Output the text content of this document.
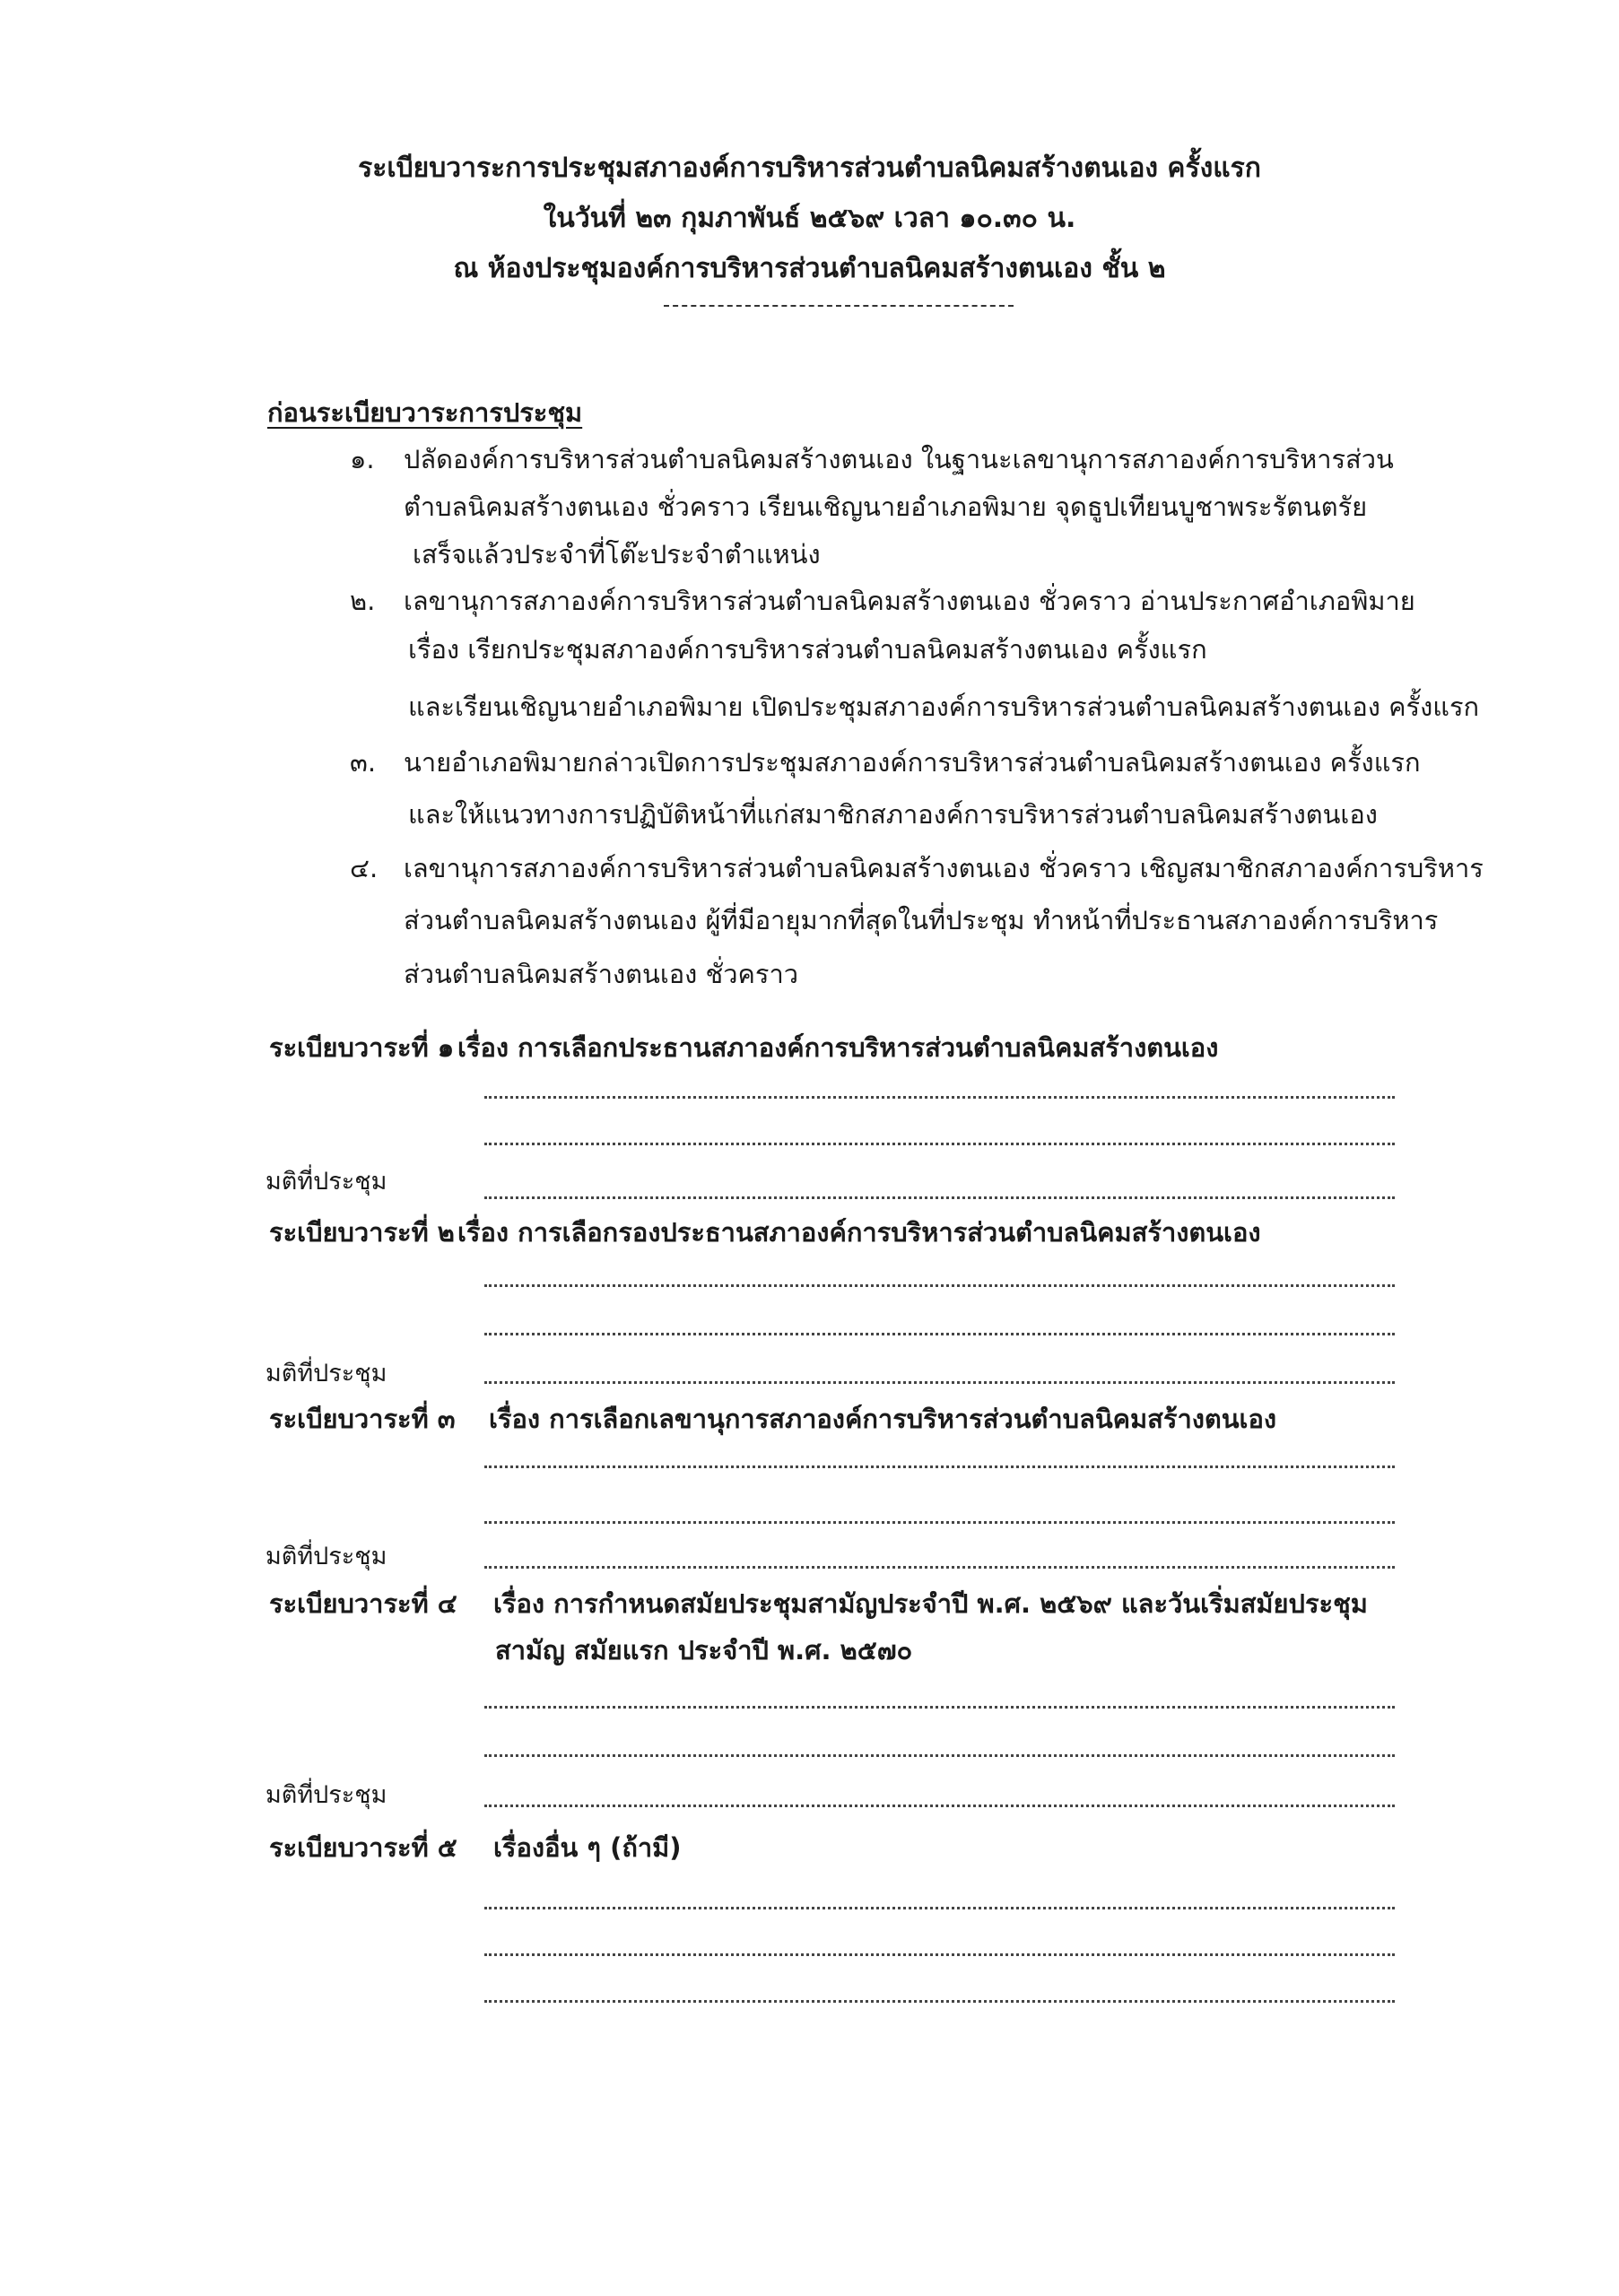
ระเบียบวาระการประชุมสภาองค์การบริหารส่วนตำบลนิคมสร้างตนเอง ครั้งแรก
ในวันที่ ๒๓ กุมภาพันธ์ ๒๕๖๙ เวลา ๑๐.๓๐ น.
ณ ห้องประชุมองค์การบริหารส่วนตำบลนิคมสร้างตนเอง ชั้น ๒
ก่อนระเบียบวาระการประชุม
๑. ปลัดองค์การบริหารส่วนตำบลนิคมสร้างตนเอง ในฐานะเลขานุการสภาองค์การบริหารส่วน
ตำบลนิคมสร้างตนเอง ชั่วคราว เรียนเชิญนายอำเภอพิมาย จุดธูปเทียนบูชาพระรัตนตรัย
เสร็จแล้วประจำที่โต๊ะประจำตำแหน่ง
๒. เลขานุการสภาองค์การบริหารส่วนตำบลนิคมสร้างตนเอง ชั่วคราว อ่านประกาศอำเภอพิมาย
เรื่อง เรียกประชุมสภาองค์การบริหารส่วนตำบลนิคมสร้างตนเอง ครั้งแรก
และเรียนเชิญนายอำเภอพิมาย เปิดประชุมสภาองค์การบริหารส่วนตำบลนิคมสร้างตนเอง ครั้งแรก
๓. นายอำเภอพิมายกล่าวเปิดการประชุมสภาองค์การบริหารส่วนตำบลนิคมสร้างตนเอง ครั้งแรก
และให้แนวทางการปฏิบัติหน้าที่แก่สมาชิกสภาองค์การบริหารส่วนตำบลนิคมสร้างตนเอง
๔. เลขานุการสภาองค์การบริหารส่วนตำบลนิคมสร้างตนเอง ชั่วคราว เชิญสมาชิกสภาองค์การบริหาร
ส่วนตำบลนิคมสร้างตนเอง ผู้ที่มีอายุมากที่สุดในที่ประชุม ทำหน้าที่ประธานสภาองค์การบริหาร
ส่วนตำบลนิคมสร้างตนเอง ชั่วคราว
ระเบียบวาระที่ ๑ เรื่อง การเลือกประธานสภาองค์การบริหารส่วนตำบลนิคมสร้างตนเอง
มติที่ประชุม
ระเบียบวาระที่ ๒ เรื่อง การเลือกรองประธานสภาองค์การบริหารส่วนตำบลนิคมสร้างตนเอง
มติที่ประชุม
ระเบียบวาระที่ ๓ เรื่อง การเลือกเลขานุการสภาองค์การบริหารส่วนตำบลนิคมสร้างตนเอง
มติที่ประชุม
ระเบียบวาระที่ ๔ เรื่อง การกำหนดสมัยประชุมสามัญประจำปี พ.ศ. ๒๕๖๙ และวันเริ่มสมัยประชุม
สามัญ สมัยแรก ประจำปี พ.ศ. ๒๕๗๐
มติที่ประชุม
ระเบียบวาระที่ ๕ เรื่องอื่น ๆ (ถ้ามี)
